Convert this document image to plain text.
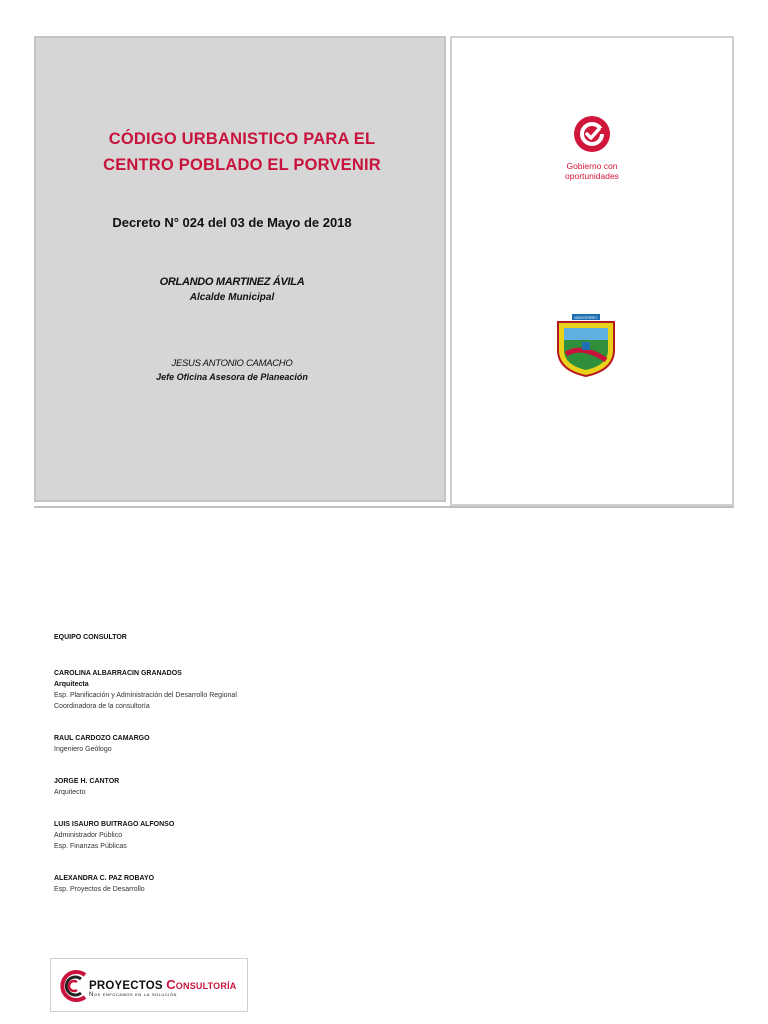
CÓDIGO URBANISTICO PARA EL
CENTRO POBLADO EL PORVENIR
Decreto N° 024 del 03 de Mayo de 2018
ORLANDO MARTINEZ ÁVILA
Alcalde Municipal
JESUS ANTONIO CAMACHO
Jefe Oficina Asesora de Planeación
Gobierno con
oportunidades
MONTERREY
EQUIPO CONSULTOR
CAROLINA ALBARRACIN GRANADOS
Arquitecta
Esp. Planificación y Administración del Desarrollo Regional
Coordinadora de la consultoría
RAUL CARDOZO CAMARGO
Ingeniero Geólogo
JORGE H. CANTOR
Arquitecto
LUIS ISAURO BUITRAGO ALFONSO
Administrador Público
Esp. Finanzas Públicas
ALEXANDRA C. PAZ ROBAYO
Esp. Proyectos de Desarrollo
PROYECTOS Consultoría
Nos enfocamos en la solución
